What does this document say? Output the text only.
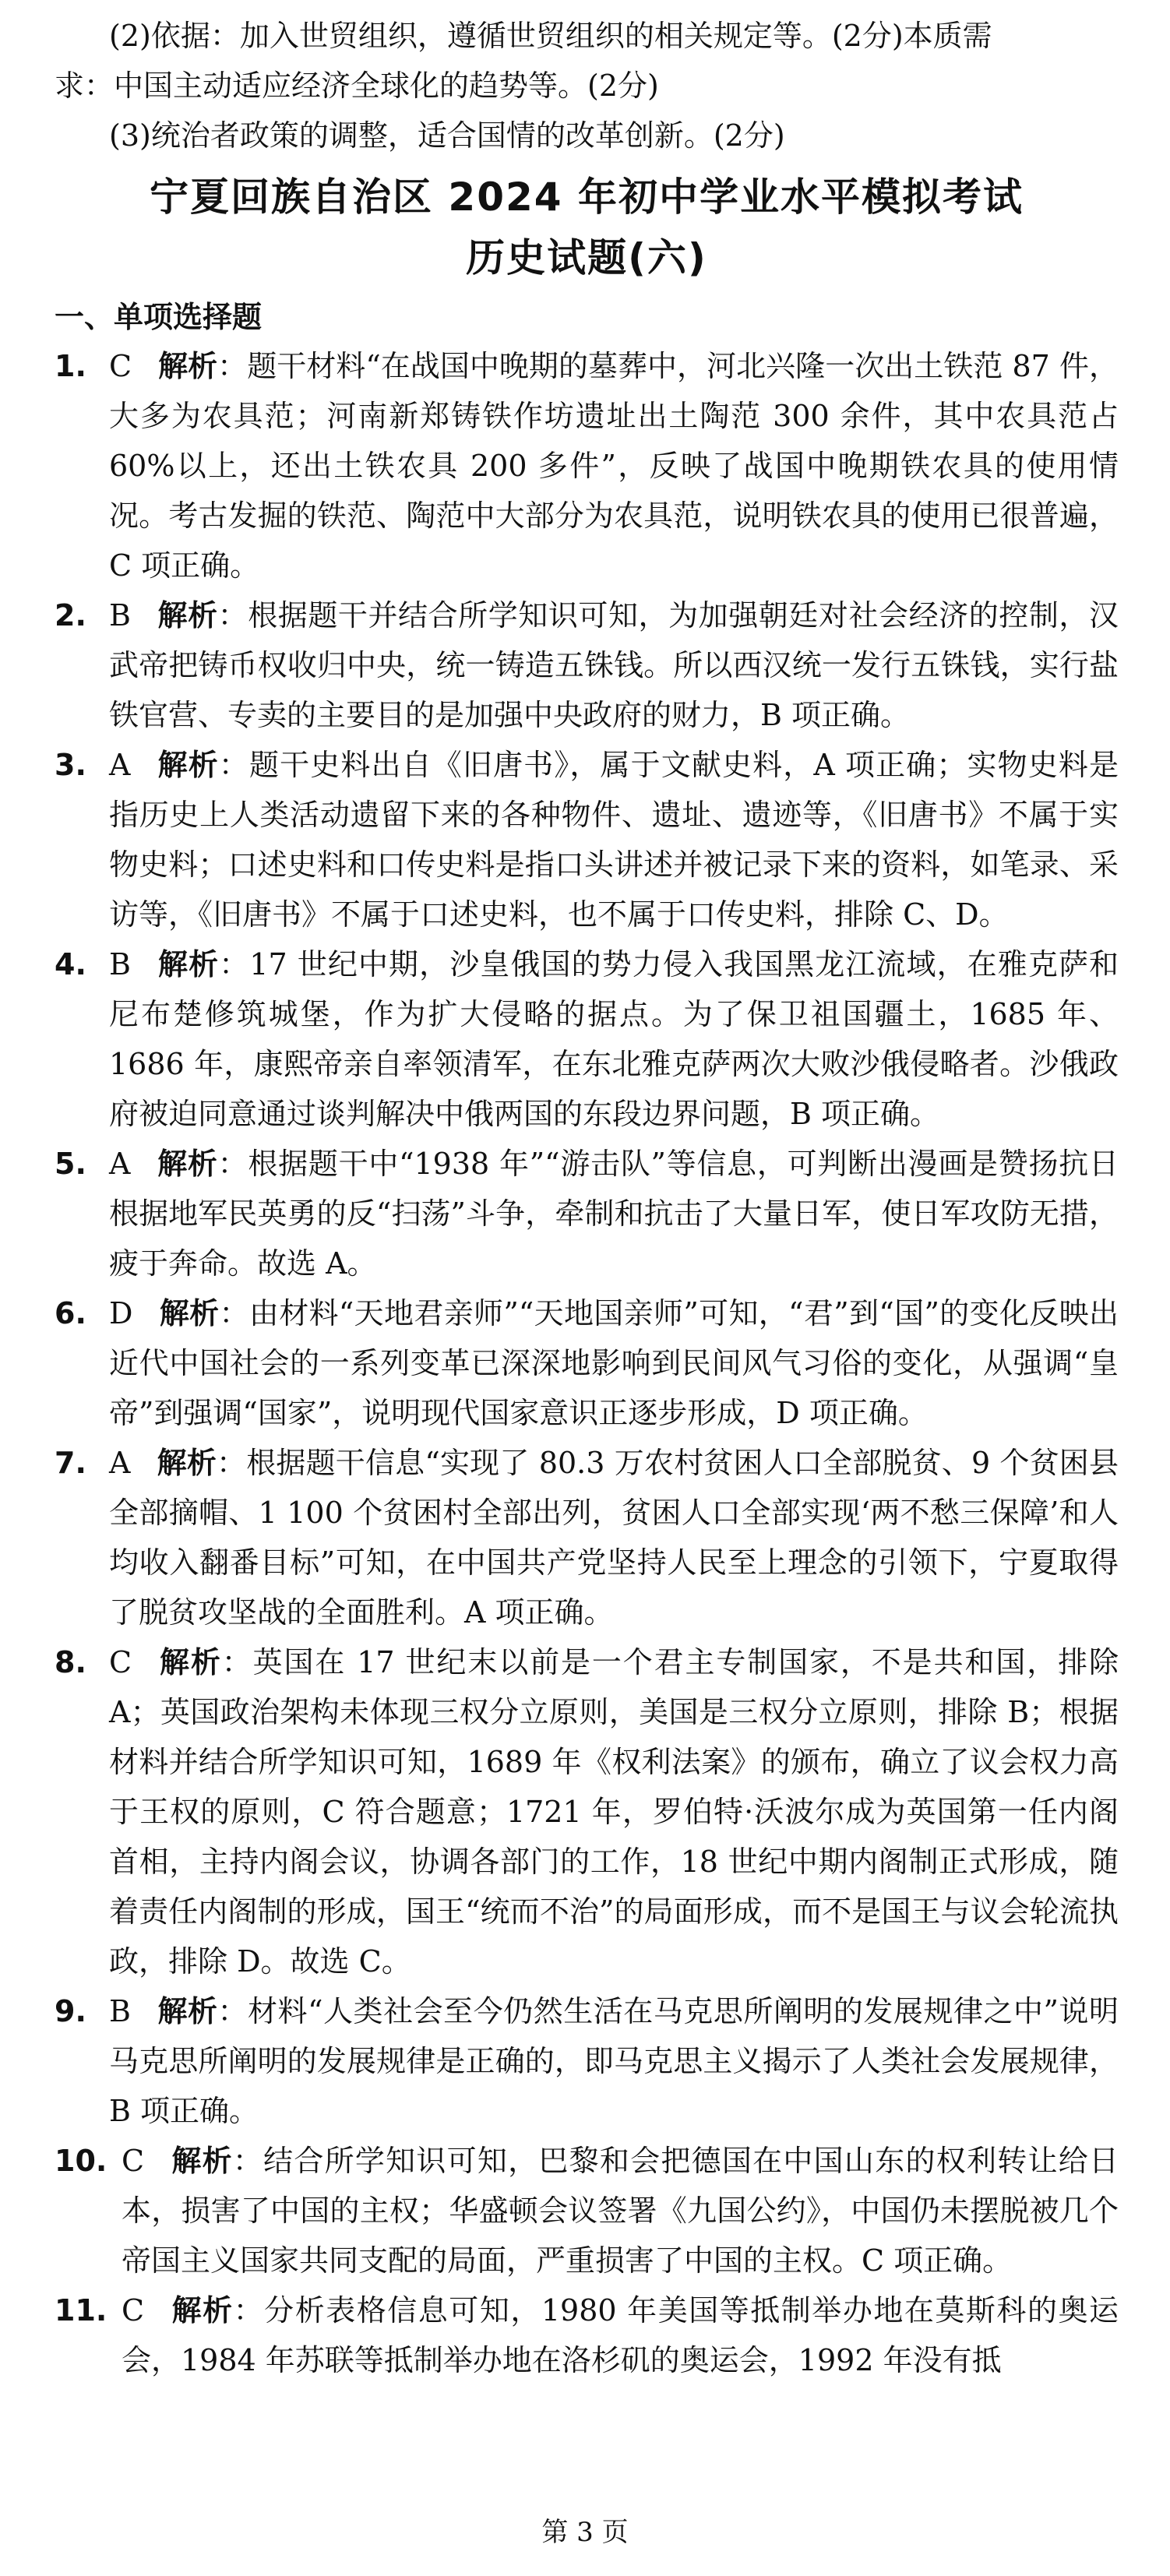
(2)依据：加入世贸组织，遵循世贸组织的相关规定等。(2分)本质需

求：中国主动适应经济全球化的趋势等。(2分)

(3)统治者政策的调整，适合国情的改革创新。(2分)

宁夏回族自治区 2024 年初中学业水平模拟考试

历史试题(六)

一、单项选择题
1. C 解析：题干材料“在战国中晚期的墓葬中，河北兴隆一次出土铁范 87 件，大多为农具范；河南新郑铸铁作坊遗址出土陶范 300 余件，其中农具范占 60%以上，还出土铁农具 200 多件”，反映了战国中晚期铁农具的使用情况。考古发掘的铁范、陶范中大部分为农具范，说明铁农具的使用已很普遍，C 项正确。
2. B 解析：根据题干并结合所学知识可知，为加强朝廷对社会经济的控制，汉武帝把铸币权收归中央，统一铸造五铢钱。所以西汉统一发行五铢钱，实行盐铁官营、专卖的主要目的是加强中央政府的财力，B 项正确。
3. A 解析：题干史料出自《旧唐书》，属于文献史料，A 项正确；实物史料是指历史上人类活动遗留下来的各种物件、遗址、遗迹等，《旧唐书》不属于实物史料；口述史料和口传史料是指口头讲述并被记录下来的资料，如笔录、采访等，《旧唐书》不属于口述史料，也不属于口传史料，排除 C、D。
4. B 解析：17 世纪中期，沙皇俄国的势力侵入我国黑龙江流域，在雅克萨和尼布楚修筑城堡，作为扩大侵略的据点。为了保卫祖国疆土，1685 年、1686 年，康熙帝亲自率领清军，在东北雅克萨两次大败沙俄侵略者。沙俄政府被迫同意通过谈判解决中俄两国的东段边界问题，B 项正确。
5. A 解析：根据题干中“1938 年”“游击队”等信息，可判断出漫画是赞扬抗日根据地军民英勇的反“扫荡”斗争，牵制和抗击了大量日军，使日军攻防无措，疲于奔命。故选 A。
6. D 解析：由材料“天地君亲师”“天地国亲师”可知，“君”到“国”的变化反映出近代中国社会的一系列变革已深深地影响到民间风气习俗的变化，从强调“皇帝”到强调“国家”，说明现代国家意识正逐步形成，D 项正确。
7. A 解析：根据题干信息“实现了 80.3 万农村贫困人口全部脱贫、9 个贫困县全部摘帽、1 100 个贫困村全部出列，贫困人口全部实现‘两不愁三保障’和人均收入翻番目标”可知，在中国共产党坚持人民至上理念的引领下，宁夏取得了脱贫攻坚战的全面胜利。A 项正确。
8. C 解析：英国在 17 世纪末以前是一个君主专制国家，不是共和国，排除 A；英国政治架构未体现三权分立原则，美国是三权分立原则，排除 B；根据材料并结合所学知识可知，1689 年《权利法案》的颁布，确立了议会权力高于王权的原则，C 符合题意；1721 年，罗伯特·沃波尔成为英国第一任内阁首相，主持内阁会议，协调各部门的工作，18 世纪中期内阁制正式形成，随着责任内阁制的形成，国王“统而不治”的局面形成，而不是国王与议会轮流执政，排除 D。故选 C。
9. B 解析：材料“人类社会至今仍然生活在马克思所阐明的发展规律之中”说明马克思所阐明的发展规律是正确的，即马克思主义揭示了人类社会发展规律，B 项正确。
10. C 解析：结合所学知识可知，巴黎和会把德国在中国山东的权利转让给日本，损害了中国的主权；华盛顿会议签署《九国公约》，中国仍未摆脱被几个帝国主义国家共同支配的局面，严重损害了中国的主权。C 项正确。
11. C 解析：分析表格信息可知，1980 年美国等抵制举办地在莫斯科的奥运会，1984 年苏联等抵制举办地在洛杉矶的奥运会，1992 年没有抵
第 3 页
